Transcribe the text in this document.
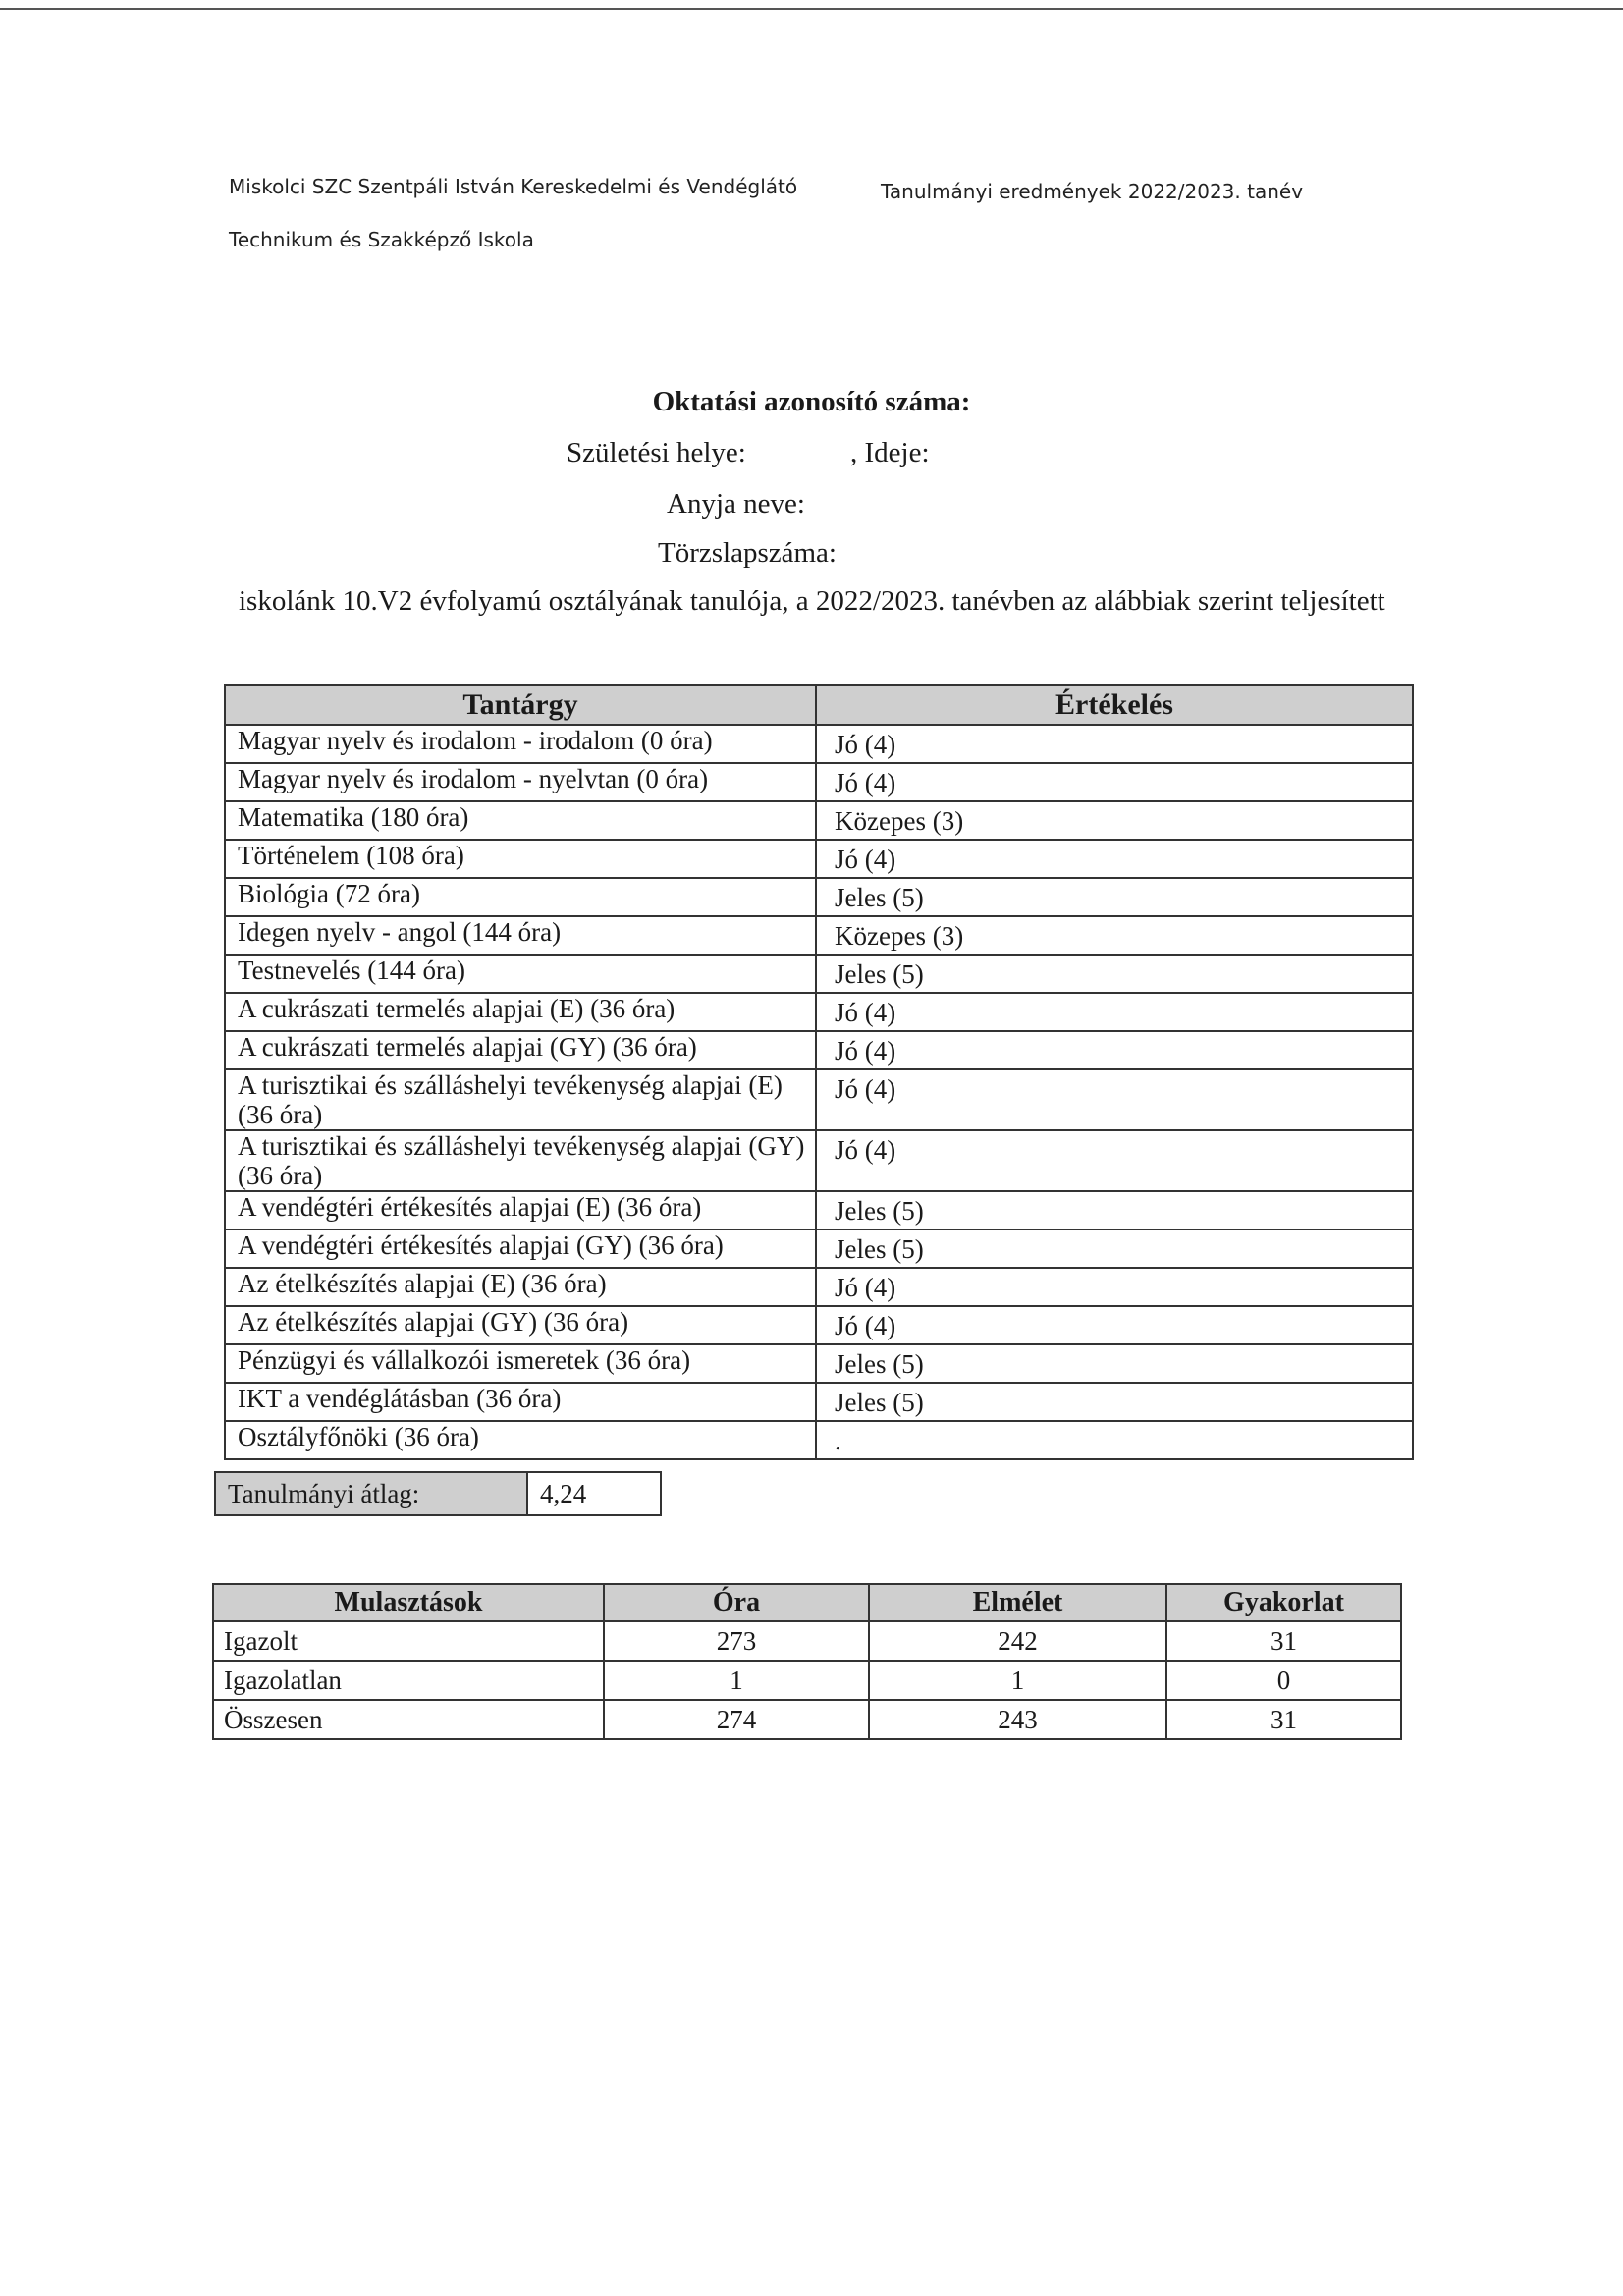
Miskolci SZC Szentpáli István Kereskedelmi és Vendéglátó
Technikum és Szakképző Iskola
Tanulmányi eredmények 2022/2023. tanév
Oktatási azonosító száma:
Születési helye:	, Ideje:
Anyja neve:
Törzslapszáma:
iskolánk 10.V2 évfolyamú osztályának tanulója, a 2022/2023. tanévben az alábbiak szerint teljesített
Tantárgy	Értékelés
Magyar nyelv és irodalom - irodalom (0 óra)	Jó (4)
Magyar nyelv és irodalom - nyelvtan (0 óra)	Jó (4)
Matematika (180 óra)	Közepes (3)
Történelem (108 óra)	Jó (4)
Biológia (72 óra)	Jeles (5)
Idegen nyelv - angol (144 óra)	Közepes (3)
Testnevelés (144 óra)	Jeles (5)
A cukrászati termelés alapjai (E) (36 óra)	Jó (4)
A cukrászati termelés alapjai (GY) (36 óra)	Jó (4)
A turisztikai és szálláshelyi tevékenység alapjai (E) (36 óra)	Jó (4)
A turisztikai és szálláshelyi tevékenység alapjai (GY) (36 óra)	Jó (4)
A vendégtéri értékesítés alapjai (E) (36 óra)	Jeles (5)
A vendégtéri értékesítés alapjai (GY) (36 óra)	Jeles (5)
Az ételkészítés alapjai (E) (36 óra)	Jó (4)
Az ételkészítés alapjai (GY) (36 óra)	Jó (4)
Pénzügyi és vállalkozói ismeretek (36 óra)	Jeles (5)
IKT a vendéglátásban (36 óra)	Jeles (5)
Osztályfőnöki (36 óra)	.
Tanulmányi átlag:	4,24
Mulasztások	Óra	Elmélet	Gyakorlat
Igazolt	273	242	31
Igazolatlan	1	1	0
Összesen	274	243	31
